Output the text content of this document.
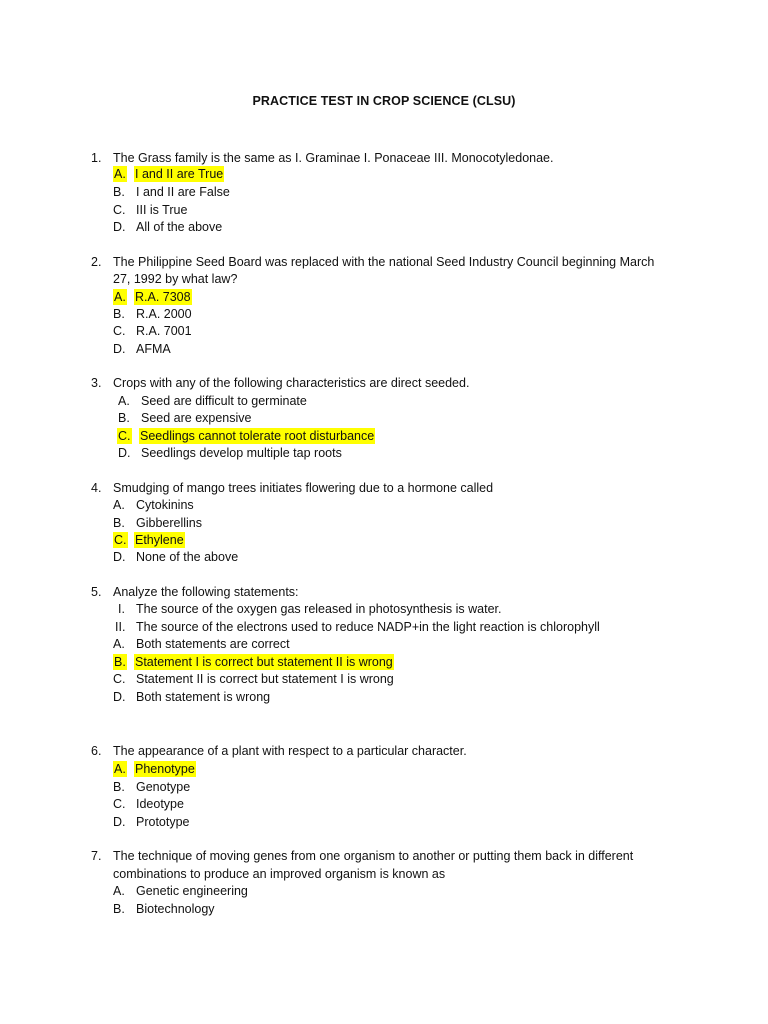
PRACTICE TEST IN CROP SCIENCE (CLSU)
1. The Grass family is the same as I. Graminae I. Ponaceae III. Monocotyledonae.
A. I and II are True
B. I and II are False
C. III is True
D. All of the above
2. The Philippine Seed Board was replaced with the national Seed Industry Council beginning March
27, 1992 by what law?
A. R.A. 7308
B. R.A. 2000
C. R.A. 7001
D. AFMA
3. Crops with any of the following characteristics are direct seeded.
A. Seed are difficult to germinate
B. Seed are expensive
C. Seedlings cannot tolerate root disturbance
D. Seedlings develop multiple tap roots
4. Smudging of mango trees initiates flowering due to a hormone called
A. Cytokinins
B. Gibberellins
C. Ethylene
D. None of the above
5. Analyze the following statements:
I. The source of the oxygen gas released in photosynthesis is water.
II. The source of the electrons used to reduce NADP+in the light reaction is chlorophyll
A. Both statements are correct
B. Statement I is correct but statement II is wrong
C. Statement II is correct but statement I is wrong
D. Both statement is wrong
6. The appearance of a plant with respect to a particular character.
A. Phenotype
B. Genotype
C. Ideotype
D. Prototype
7. The technique of moving genes from one organism to another or putting them back in different
combinations to produce an improved organism is known as
A. Genetic engineering
B. Biotechnology
